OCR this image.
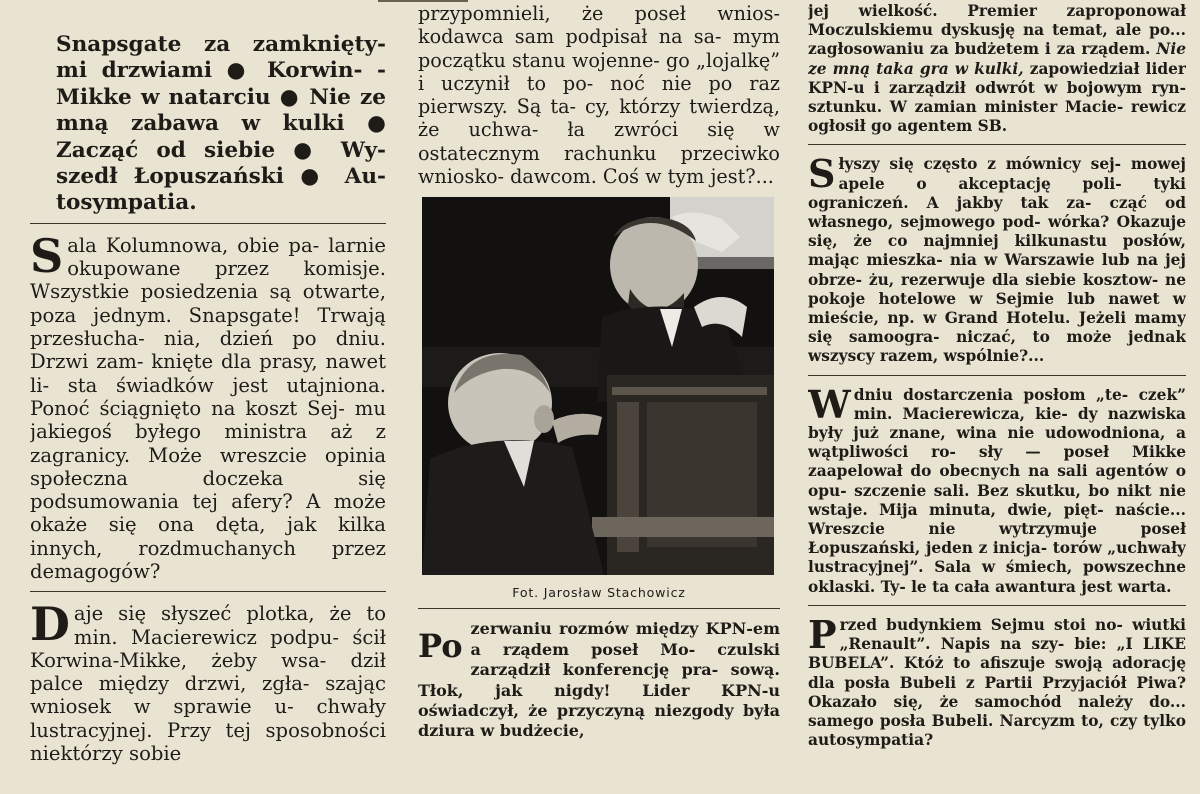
Snapsgate za zamknięty- mi drzwiami ● Korwin- -Mikke w natarciu ● Nie ze mną zabawa w kulki ● Zacząć od siebie ● Wy- szedł Łopuszański ● Au- tosympatia.

Sala Kolumnowa, obie pa- larnie okupowane przez komisje. Wszystkie posiedzenia są otwarte, poza jednym. Snapsgate! Trwają przesłucha- nia, dzień po dniu. Drzwi zam- knięte dla prasy, nawet li- sta świadków jest utajniona. Ponoć ściągnięto na koszt Sej- mu jakiegoś byłego ministra aż z zagranicy. Może wreszcie opinia społeczna doczeka się podsumowania tej afery? A może okaże się ona dęta, jak kilka innych, rozdmuchanych przez demagogów?

Daje się słyszeć plotka, że to min. Macierewicz podpu- ścił Korwina-Mikke, żeby wsa- dził palce między drzwi, zgła- szając wniosek w sprawie u- chwały lustracyjnej. Przy tej sposobności niektórzy sobie

przypomnieli, że poseł wnios- kodawca sam podpisał na sa- mym początku stanu wojenne- go „lojalkę” i uczynił to po- noć nie po raz pierwszy. Są ta- cy, którzy twierdzą, że uchwa- ła zwróci się w ostatecznym rachunku przeciwko wniosko- dawcom. Coś w tym jest?...

Fot. Jarosław Stachowicz

Po zerwaniu rozmów między KPN-em a rządem poseł Mo- czulski zarządził konferencję pra- sową. Tłok, jak nigdy! Lider KPN-u oświadczył, że przyczyną niezgody była dziura w budżecie,

jej wielkość. Premier zaproponował Moczulskiemu dyskusję na temat, ale po... zagłosowaniu za budżetem i za rządem. Nie ze mną taka gra w kulki, zapowiedział lider KPN-u i zarządził odwrót w bojowym ryn- sztunku. W zamian minister Macie- rewicz ogłosił go agentem SB.

Słyszy się często z mównicy sej- mowej apele o akceptację poli- tyki ograniczeń. A jakby tak za- cząć od własnego, sejmowego pod- wórka? Okazuje się, że co najmniej kilkunastu posłów, mając mieszka- nia w Warszawie lub na jej obrze- żu, rezerwuje dla siebie kosztow- ne pokoje hotelowe w Sejmie lub nawet w mieście, np. w Grand Hotelu. Jeżeli mamy się samoogra- niczać, to może jednak wszyscy razem, wspólnie?...

Wdniu dostarczenia posłom „te- czek” min. Macierewicza, kie- dy nazwiska były już znane, wina nie udowodniona, a wątpliwości ro- sły — poseł Mikke zaapelował do obecnych na sali agentów o opu- szczenie sali. Bez skutku, bo nikt nie wstaje. Mija minuta, dwie, pięt- naście... Wreszcie nie wytrzymuje poseł Łopuszański, jeden z inicja- torów „uchwały lustracyjnej”. Sala w śmiech, powszechne oklaski. Ty- le ta cała awantura jest warta.

Przed budynkiem Sejmu stoi no- wiutki „Renault”. Napis na szy- bie: „I LIKE BUBELA”. Któż to afiszuje swoją adorację dla posła Bubeli z Partii Przyjaciół Piwa? Okazało się, że samochód należy do... samego posła Bubeli. Narcyzm to, czy tylko autosympatia?
